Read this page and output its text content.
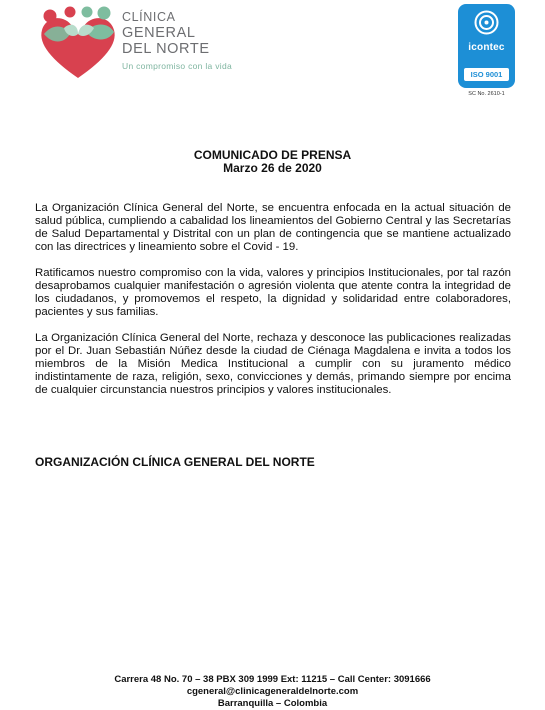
CLÍNICA
GENERAL
DEL NORTE
Un compromiso con la vida
icontec
ISO 9001
SC No. 2610-1
COMUNICADO DE PRENSA
Marzo 26 de 2020

La Organización Clínica General del Norte, se encuentra enfocada en la actual situación de salud pública, cumpliendo a cabalidad los lineamientos del Gobierno Central y las Secretarías de Salud Departamental y Distrital con un plan de contingencia que se mantiene actualizado con las directrices y lineamiento sobre el Covid - 19.

Ratificamos nuestro compromiso con la vida, valores y principios Institucionales, por tal razón desaprobamos cualquier manifestación o agresión violenta que atente contra la integridad de los ciudadanos, y promovemos el respeto, la dignidad y solidaridad entre colaboradores, pacientes y sus familias.

La Organización Clínica General del Norte, rechaza y desconoce las publicaciones realizadas por el Dr. Juan Sebastián Núñez desde la ciudad de Ciénaga Magdalena e invita a todos los miembros de la Misión Medica Institucional a cumplir con su juramento médico indistintamente de raza, religión, sexo, convicciones y demás, primando siempre por encima de cualquier circunstancia nuestros principios y valores institucionales.

ORGANIZACIÓN CLÍNICA GENERAL DEL NORTE
Carrera 48 No. 70 – 38 PBX 309 1999 Ext: 11215 – Call Center: 3091666
cgeneral@clinicageneraldelnorte.com
Barranquilla – Colombia
